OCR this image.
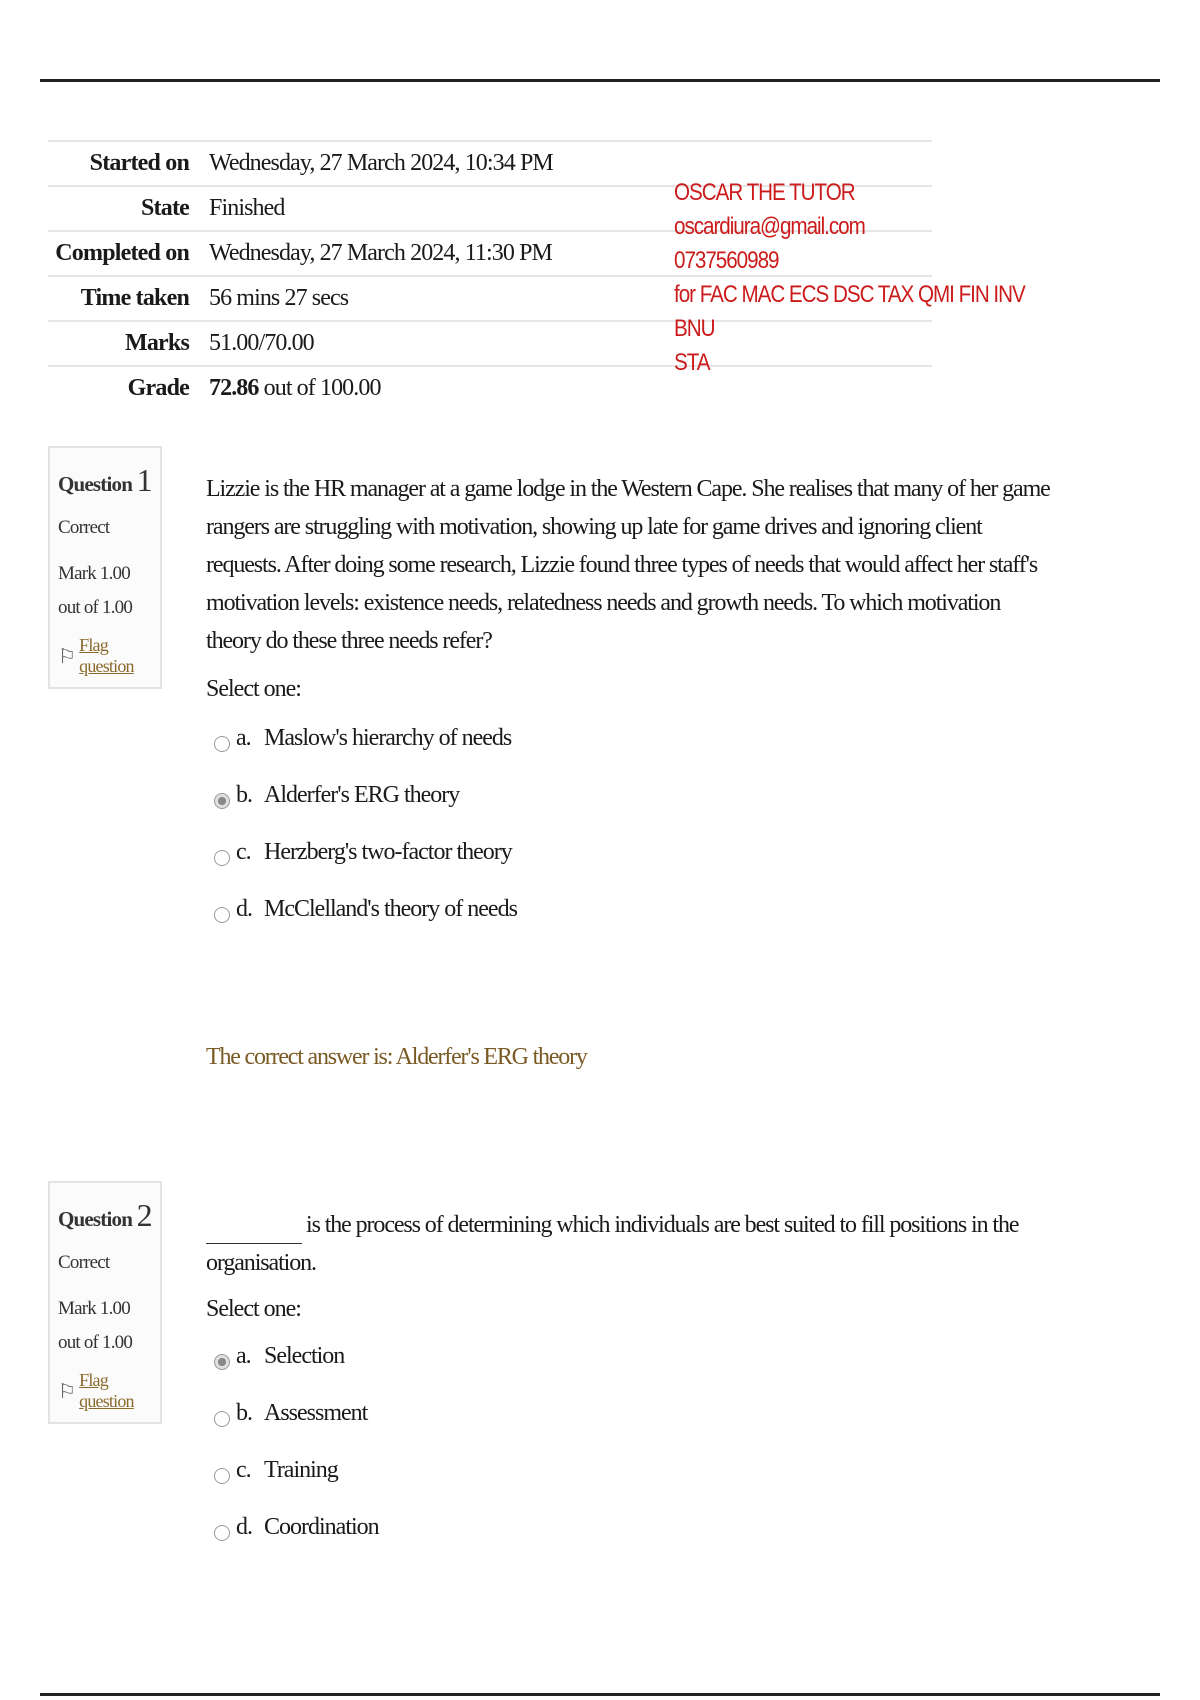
Started on Wednesday, 27 March 2024, 10:34 PM
State Finished
Completed on Wednesday, 27 March 2024, 11:30 PM
Time taken 56 mins 27 secs
Marks 51.00/70.00
Grade 72.86 out of 100.00
OSCAR THE TUTOR
oscardiura@gmail.com
0737560989
for FAC MAC ECS DSC TAX QMI FIN INV
BNU
STA
Question 1
Correct
Mark 1.00 out of 1.00
⚐
Flag question
Lizzie is the HR manager at a game lodge in the Western Cape. She realises that many of her game rangers are struggling with motivation, showing up late for game drives and ignoring client requests. After doing some research, Lizzie found three types of needs that would affect her staff's motivation levels: existence needs, relatedness needs and growth needs. To which motivation theory do these three needs refer?
Select one:
a. Maslow's hierarchy of needs
b. Alderfer's ERG theory
c. Herzberg's two-factor theory
d. McClelland's theory of needs
The correct answer is: Alderfer's ERG theory
Question 2
Correct
Mark 1.00 out of 1.00
⚐
Flag question
is the process of determining which individuals are best suited to fill positions in the organisation.
Select one:
a. Selection
b. Assessment
c. Training
d. Coordination
